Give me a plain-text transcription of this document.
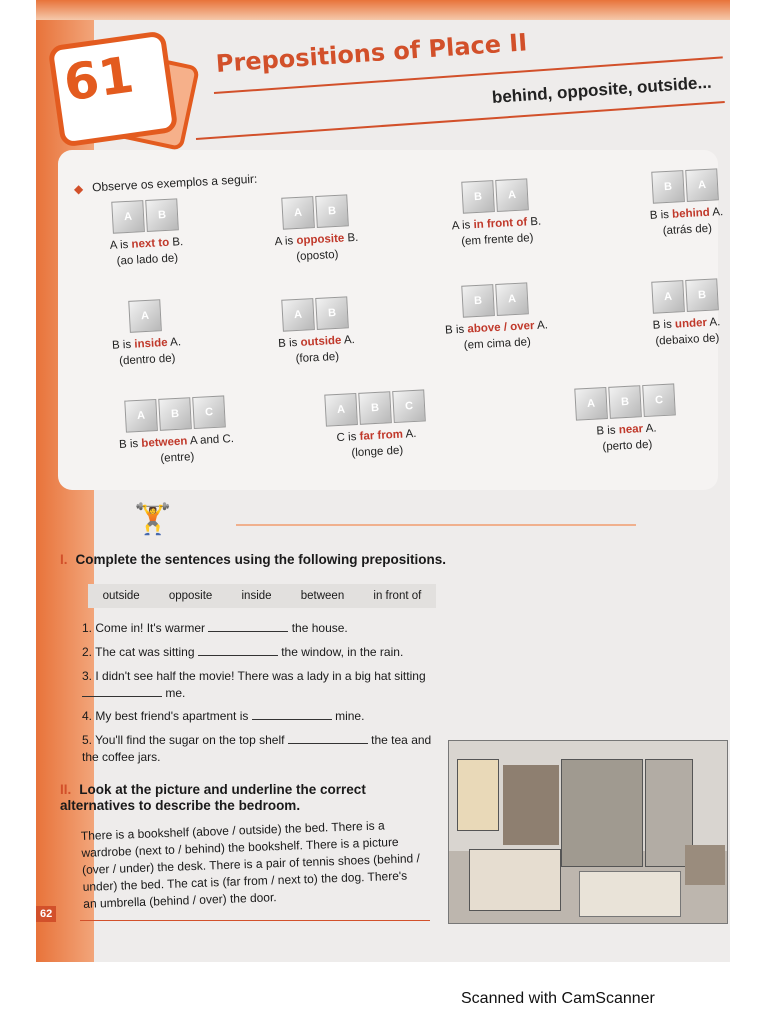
61	Prepositions of Place II
behind, opposite, outside...
◆ Observe os exemplos a seguir:
A	B
A is next to B.
(ao lado de)
A	B
A is opposite B.
(oposto)
B	A
A is in front of B.
(em frente de)
B	A
B is behind A.
(atrás de)
A
B is inside A.
(dentro de)
A	B
B is outside A.
(fora de)
B	A
B is above / over A.
(em cima de)
A	B
B is under A.
(debaixo de)
A	B	C
B is between A and C.
(entre)
A	B	C
C is far from A.
(longe de)
A	B	C
B is near A.
(perto de)
🏋
I. Complete the sentences using the following prepositions.
outside	opposite	inside	between	in front of
1. Come in! It's warmer	the house.
2. The cat was sitting	the window, in the rain.
3. I didn't see half the movie! There was a lady in a big hat sitting  me.
4. My best friend's apartment is	mine.
5. You'll find the sugar on the top shelf	the tea and the coffee jars.
II. Look at the picture and underline the correct alternatives to describe the bedroom.
There is a bookshelf (above / outside) the bed. There is a wardrobe (next to / behind) the bookshelf. There is a picture (over / under) the desk. There is a pair of tennis shoes (behind / under) the bed. The cat is (far from / next to) the dog. There's an umbrella (behind / over) the door.
62
Scanned with CamScanner
